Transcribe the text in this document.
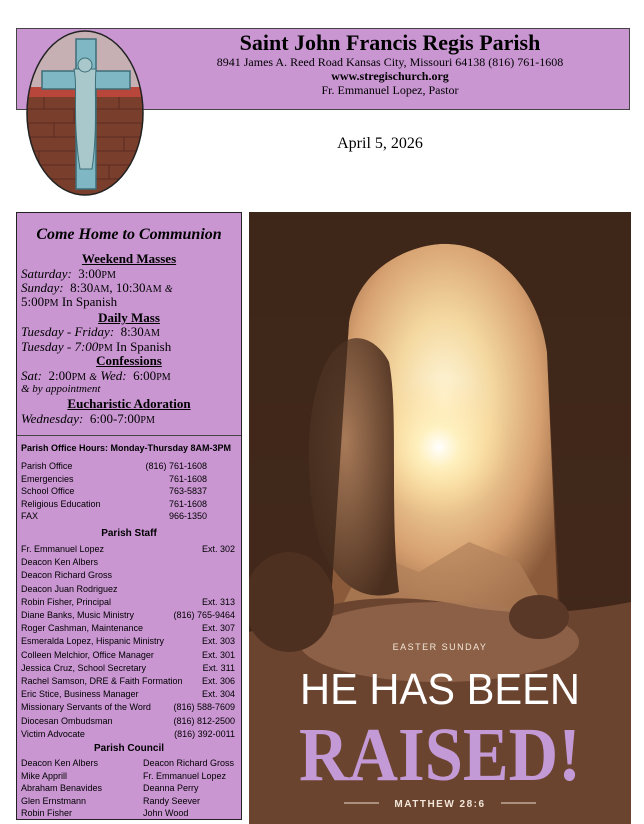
Saint John Francis Regis Parish
8941 James A. Reed Road Kansas City, Missouri 64138 (816) 761-1608
www.stregischurch.org
Fr. Emmanuel Lopez, Pastor
April 5, 2026
Come Home to Communion
Weekend Masses
Saturday: 3:00PM
Sunday: 8:30AM, 10:30AM &
5:00PM In Spanish
Daily Mass
Tuesday - Friday: 8:30AM
Tuesday - 7:00PM In Spanish
Confessions
Sat: 2:00PM & Wed: 6:00PM
& by appointment
Eucharistic Adoration
Wednesday: 6:00-7:00PM
Parish Office Hours: Monday-Thursday 8AM-3PM
Parish Office	(816) 761-1608
Emergencies	761-1608
School Office	763-5837
Religious Education	761-1608
FAX	966-1350
Parish Staff
Fr. Emmanuel Lopez	Ext. 302
Deacon Ken Albers
Deacon Richard Gross
Deacon Juan Rodriguez
Robin Fisher, Principal	Ext. 313
Diane Banks, Music Ministry	(816) 765-9464
Roger Cashman, Maintenance	Ext. 307
Esmeralda Lopez, Hispanic Ministry	Ext. 303
Colleen Melchior, Office Manager	Ext. 301
Jessica Cruz, School Secretary	Ext. 311
Rachel Samson, DRE & Faith Formation Ext. 306
Eric Stice, Business Manager	Ext. 304
Missionary Servants of the Word	(816) 588-7609
Diocesan Ombudsman	(816) 812-2500
Victim Advocate	(816) 392-0011
Parish Council
Deacon Ken Albers	Deacon Richard Gross
Mike Apprill	Fr. Emmanuel Lopez
Abraham Benavides	Deanna Perry
Glen Ernstmann	Randy Seever
Robin Fisher	John Wood
EASTER SUNDAY
HE HAS BEEN
RAISED!
MATTHEW 28:6
